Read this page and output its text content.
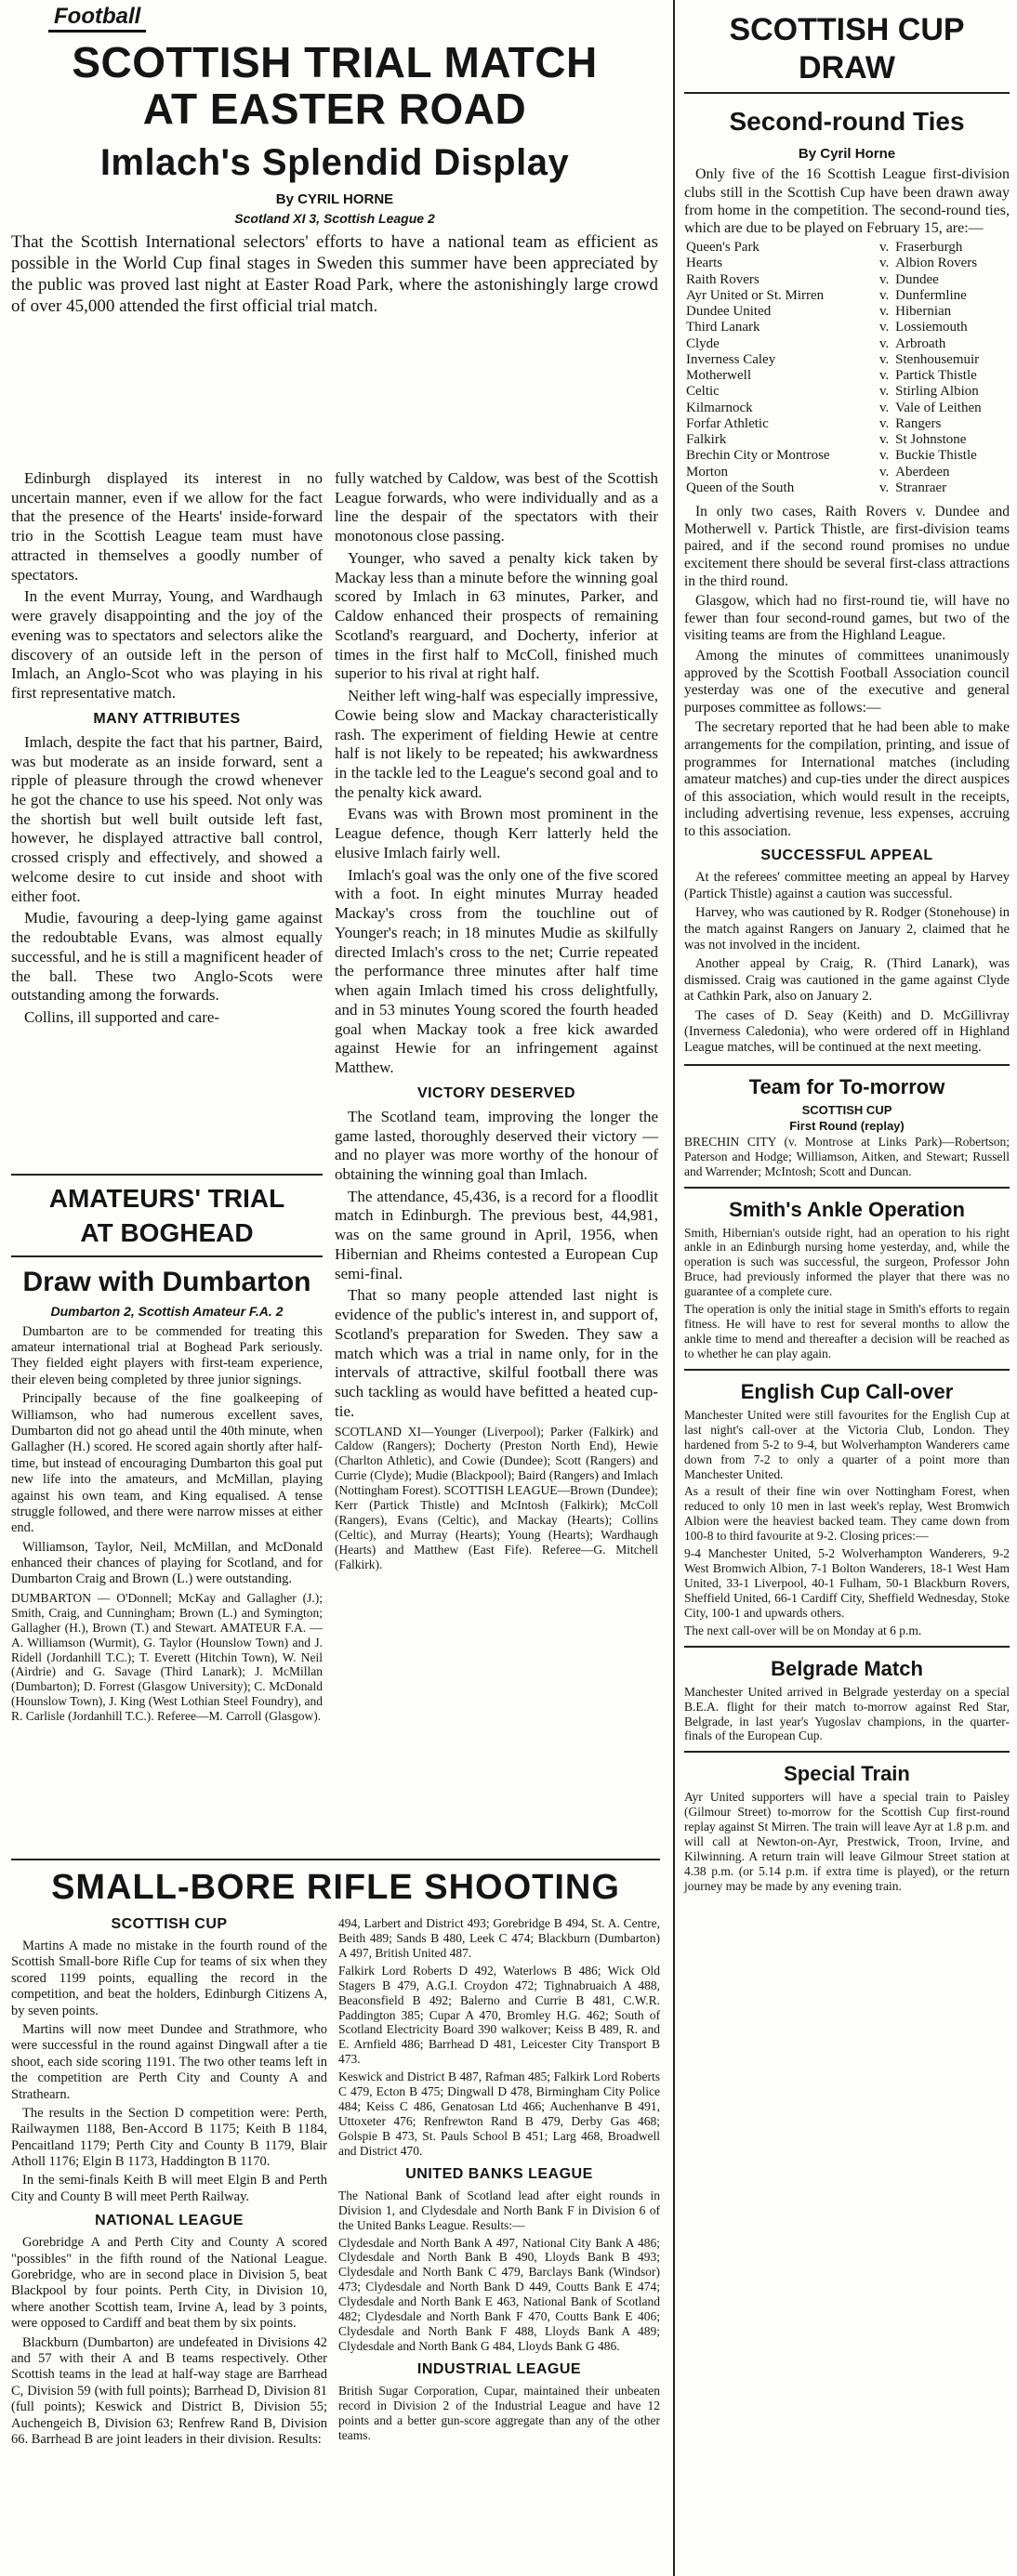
Football
SCOTTISH TRIAL MATCH
AT EASTER ROAD
Imlach's Splendid Display
By CYRIL HORNE
Scotland XI 3, Scottish League 2
That the Scottish International selectors' efforts to have a national team as efficient as possible in the World Cup final stages in Sweden this summer have been appreciated by the public was proved last night at Easter Road Park, where the astonishingly large crowd of over 45,000 attended the first official trial match.

Edinburgh displayed its interest in no uncertain manner, even if we allow for the fact that the presence of the Hearts' inside-forward trio in the Scottish League team must have attracted in themselves a goodly number of spectators.

In the event Murray, Young, and Wardhaugh were gravely disappointing and the joy of the evening was to spectators and selectors alike the discovery of an outside left in the person of Imlach, an Anglo-Scot who was playing in his first representative match.

MANY ATTRIBUTES

Imlach, despite the fact that his partner, Baird, was but moderate as an inside forward, sent a ripple of pleasure through the crowd whenever he got the chance to use his speed. Not only was the shortish but well built outside left fast, however, he displayed attractive ball control, crossed crisply and effectively, and showed a welcome desire to cut inside and shoot with either foot.

Mudie, favouring a deep-lying game against the redoubtable Evans, was almost equally successful, and he is still a magnificent header of the ball. These two Anglo-Scots were outstanding among the forwards.

Collins, ill supported and care-

fully watched by Caldow, was best of the Scottish League forwards, who were individually and as a line the despair of the spectators with their monotonous close passing.

Younger, who saved a penalty kick taken by Mackay less than a minute before the winning goal scored by Imlach in 63 minutes, Parker, and Caldow enhanced their prospects of remaining Scotland's rearguard, and Docherty, inferior at times in the first half to McColl, finished much superior to his rival at right half.

Neither left wing-half was especially impressive, Cowie being slow and Mackay characteristically rash. The experiment of fielding Hewie at centre half is not likely to be repeated; his awkwardness in the tackle led to the League's second goal and to the penalty kick award.

Evans was with Brown most prominent in the League defence, though Kerr latterly held the elusive Imlach fairly well.

Imlach's goal was the only one of the five scored with a foot. In eight minutes Murray headed Mackay's cross from the touchline out of Younger's reach; in 18 minutes Mudie as skilfully directed Imlach's cross to the net; Currie repeated the performance three minutes after half time when again Imlach timed his cross delightfully, and in 53 minutes Young scored the fourth headed goal when Mackay took a free kick awarded against Hewie for an infringement against Matthew.

VICTORY DESERVED

The Scotland team, improving the longer the game lasted, thoroughly deserved their victory —and no player was more worthy of the honour of obtaining the winning goal than Imlach.

The attendance, 45,436, is a record for a floodlit match in Edinburgh. The previous best, 44,981, was on the same ground in April, 1956, when Hibernian and Rheims contested a European Cup semi-final.

That so many people attended last night is evidence of the public's interest in, and support of, Scotland's preparation for Sweden. They saw a match which was a trial in name only, for in the intervals of attractive, skilful football there was such tackling as would have befitted a heated cup-tie.

SCOTLAND XI—Younger (Liverpool); Parker (Falkirk) and Caldow (Rangers); Docherty (Preston North End), Hewie (Charlton Athletic), and Cowie (Dundee); Scott (Rangers) and Currie (Clyde); Mudie (Blackpool); Baird (Rangers) and Imlach (Nottingham Forest). SCOTTISH LEAGUE—Brown (Dundee); Kerr (Partick Thistle) and McIntosh (Falkirk); McColl (Rangers), Evans (Celtic), and Mackay (Hearts); Collins (Celtic), and Murray (Hearts); Young (Hearts); Wardhaugh (Hearts) and Matthew (East Fife). Referee—G. Mitchell (Falkirk).

AMATEURS' TRIAL
AT BOGHEAD
Draw with Dumbarton
Dumbarton 2, Scottish Amateur F.A. 2

Dumbarton are to be commended for treating this amateur international trial at Boghead Park seriously. They fielded eight players with first-team experience, their eleven being completed by three junior signings.

Principally because of the fine goalkeeping of Williamson, who had numerous excellent saves, Dumbarton did not go ahead until the 40th minute, when Gallagher (H.) scored. He scored again shortly after half-time, but instead of encouraging Dumbarton this goal put new life into the amateurs, and McMillan, playing against his own team, and King equalised. A tense struggle followed, and there were narrow misses at either end.

Williamson, Taylor, Neil, McMillan, and McDonald enhanced their chances of playing for Scotland, and for Dumbarton Craig and Brown (L.) were outstanding.

DUMBARTON — O'Donnell; McKay and Gallagher (J.); Smith, Craig, and Cunningham; Brown (L.) and Symington; Gallagher (H.), Brown (T.) and Stewart. AMATEUR F.A. — A. Williamson (Wurmit), G. Taylor (Hounslow Town) and J. Ridell (Jordanhill T.C.); T. Everett (Hitchin Town), W. Neil (Airdrie) and G. Savage (Third Lanark); J. McMillan (Dumbarton); D. Forrest (Glasgow University); C. McDonald (Hounslow Town), J. King (West Lothian Steel Foundry), and R. Carlisle (Jordanhill T.C.). Referee—M. Carroll (Glasgow).

SMALL-BORE RIFLE SHOOTING
SCOTTISH CUP

Martins A made no mistake in the fourth round of the Scottish Small-bore Rifle Cup for teams of six when they scored 1199 points, equalling the record in the competition, and beat the holders, Edinburgh Citizens A, by seven points.

Martins will now meet Dundee and Strathmore, who were successful in the round against Dingwall after a tie shoot, each side scoring 1191. The two other teams left in the competition are Perth City and County A and Strathearn.

The results in the Section D competition were: Perth, Railwaymen 1188, Ben-Accord B 1175; Keith B 1184, Pencaitland 1179; Perth City and County B 1179, Blair Atholl 1176; Elgin B 1173, Haddington B 1170.

In the semi-finals Keith B will meet Elgin B and Perth City and County B will meet Perth Railway.

NATIONAL LEAGUE

Gorebridge A and Perth City and County A scored "possibles" in the fifth round of the National League. Gorebridge, who are in second place in Division 5, beat Blackpool by four points. Perth City, in Division 10, where another Scottish team, Irvine A, lead by 3 points, were opposed to Cardiff and beat them by six points.

Blackburn (Dumbarton) are undefeated in Divisions 42 and 57 with their A and B teams respectively. Other Scottish teams in the lead at half-way stage are Barrhead C, Division 59 (with full points); Barrhead D, Division 81 (full points); Keswick and District B, Division 55; Auchengeich B, Division 63; Renfrew Rand B, Division 66. Barrhead B are joint leaders in their division. Results:

494, Larbert and District 493; Gorebridge B 494, St. A. Centre, Beith 489; Sands B 480, Leek C 474; Blackburn (Dumbarton) A 497, British United 487.

Falkirk Lord Roberts D 492, Waterlows B 486; Wick Old Stagers B 479, A.G.I. Croydon 472; Tighnabruaich A 488, Beaconsfield B 492; Balerno and Currie B 481, C.W.R. Paddington 385; Cupar A 470, Bromley H.G. 462; South of Scotland Electricity Board 390 walkover; Keiss B 489, R. and E. Arnfield 486; Barrhead D 481, Leicester City Transport B 473.

Keswick and District B 487, Rafman 485; Falkirk Lord Roberts C 479, Ecton B 475; Dingwall D 478, Birmingham City Police 484; Keiss C 486, Genatosan Ltd 466; Auchenhanve B 491, Uttoxeter 476; Renfrewton Rand B 479, Derby Gas 468; Golspie B 473, St. Pauls School B 451; Larg 468, Broadwell and District 470.

UNITED BANKS LEAGUE

The National Bank of Scotland lead after eight rounds in Division 1, and Clydesdale and North Bank F in Division 6 of the United Banks League. Results:—

Clydesdale and North Bank A 497, National City Bank A 486; Clydesdale and North Bank B 490, Lloyds Bank B 493; Clydesdale and North Bank C 479, Barclays Bank (Windsor) 473; Clydesdale and North Bank D 449, Coutts Bank E 474; Clydesdale and North Bank E 463, National Bank of Scotland 482; Clydesdale and North Bank F 470, Coutts Bank E 406; Clydesdale and North Bank F 488, Lloyds Bank A 489; Clydesdale and North Bank G 484, Lloyds Bank G 486.

INDUSTRIAL LEAGUE

British Sugar Corporation, Cupar, maintained their unbeaten record in Division 2 of the Industrial League and have 12 points and a better gun-score aggregate than any of the other teams.

SCOTTISH CUP
DRAW
Second-round Ties
By Cyril Horne

Only five of the 16 Scottish League first-division clubs still in the Scottish Cup have been drawn away from home in the competition. The second-round ties, which are due to be played on February 15, are:—

Queen's Park	v.	Fraserburgh
Hearts	v.	Albion Rovers
Raith Rovers	v.	Dundee
Ayr United or St. Mirren	v.	Dunfermline
Dundee United	v.	Hibernian
Third Lanark	v.	Lossiemouth
Clyde	v.	Arbroath
Inverness Caley	v.	Stenhousemuir
Motherwell	v.	Partick Thistle
Celtic	v.	Stirling Albion
Kilmarnock	v.	Vale of Leithen
Forfar Athletic	v.	Rangers
Falkirk	v.	St Johnstone
Brechin City or Montrose	v.	Buckie Thistle
Morton	v.	Aberdeen
Queen of the South	v.	Stranraer

In only two cases, Raith Rovers v. Dundee and Motherwell v. Partick Thistle, are first-division teams paired, and if the second round promises no undue excitement there should be several first-class attractions in the third round.

Glasgow, which had no first-round tie, will have no fewer than four second-round games, but two of the visiting teams are from the Highland League.

Among the minutes of committees unanimously approved by the Scottish Football Association council yesterday was one of the executive and general purposes committee as follows:—

The secretary reported that he had been able to make arrangements for the compilation, printing, and issue of programmes for International matches (including amateur matches) and cup-ties under the direct auspices of this association, which would result in the receipts, including advertising revenue, less expenses, accruing to this association.

SUCCESSFUL APPEAL

At the referees' committee meeting an appeal by Harvey (Partick Thistle) against a caution was successful.

Harvey, who was cautioned by R. Rodger (Stonehouse) in the match against Rangers on January 2, claimed that he was not involved in the incident.

Another appeal by Craig, R. (Third Lanark), was dismissed. Craig was cautioned in the game against Clyde at Cathkin Park, also on January 2.

The cases of D. Seay (Keith) and D. McGillivray (Inverness Caledonia), who were ordered off in Highland League matches, will be continued at the next meeting.

Team for To-morrow
SCOTTISH CUP
First Round (replay)

BRECHIN CITY (v. Montrose at Links Park)—Robertson; Paterson and Hodge; Williamson, Aitken, and Stewart; Russell and Warrender; McIntosh; Scott and Duncan.

Smith's Ankle Operation

Smith, Hibernian's outside right, had an operation to his right ankle in an Edinburgh nursing home yesterday, and, while the operation is such was successful, the surgeon, Professor John Bruce, had previously informed the player that there was no guarantee of a complete cure.

The operation is only the initial stage in Smith's efforts to regain fitness. He will have to rest for several months to allow the ankle time to mend and thereafter a decision will be reached as to whether he can play again.

English Cup Call-over

Manchester United were still favourites for the English Cup at last night's call-over at the Victoria Club, London. They hardened from 5-2 to 9-4, but Wolverhampton Wanderers came down from 7-2 to only a quarter of a point more than Manchester United.

As a result of their fine win over Nottingham Forest, when reduced to only 10 men in last week's replay, West Bromwich Albion were the heaviest backed team. They came down from 100-8 to third favourite at 9-2. Closing prices:—

9-4 Manchester United, 5-2 Wolverhampton Wanderers, 9-2 West Bromwich Albion, 7-1 Bolton Wanderers, 18-1 West Ham United, 33-1 Liverpool, 40-1 Fulham, 50-1 Blackburn Rovers, Sheffield United, 66-1 Cardiff City, Sheffield Wednesday, Stoke City, 100-1 and upwards others.

The next call-over will be on Monday at 6 p.m.

Belgrade Match

Manchester United arrived in Belgrade yesterday on a special B.E.A. flight for their match to-morrow against Red Star, Belgrade, in last year's Yugoslav champions, in the quarter-finals of the European Cup.

Special Train

Ayr United supporters will have a special train to Paisley (Gilmour Street) to-morrow for the Scottish Cup first-round replay against St Mirren. The train will leave Ayr at 1.8 p.m. and will call at Newton-on-Ayr, Prestwick, Troon, Irvine, and Kilwinning. A return train will leave Gilmour Street station at 4.38 p.m. (or 5.14 p.m. if extra time is played), or the return journey may be made by any evening train.
